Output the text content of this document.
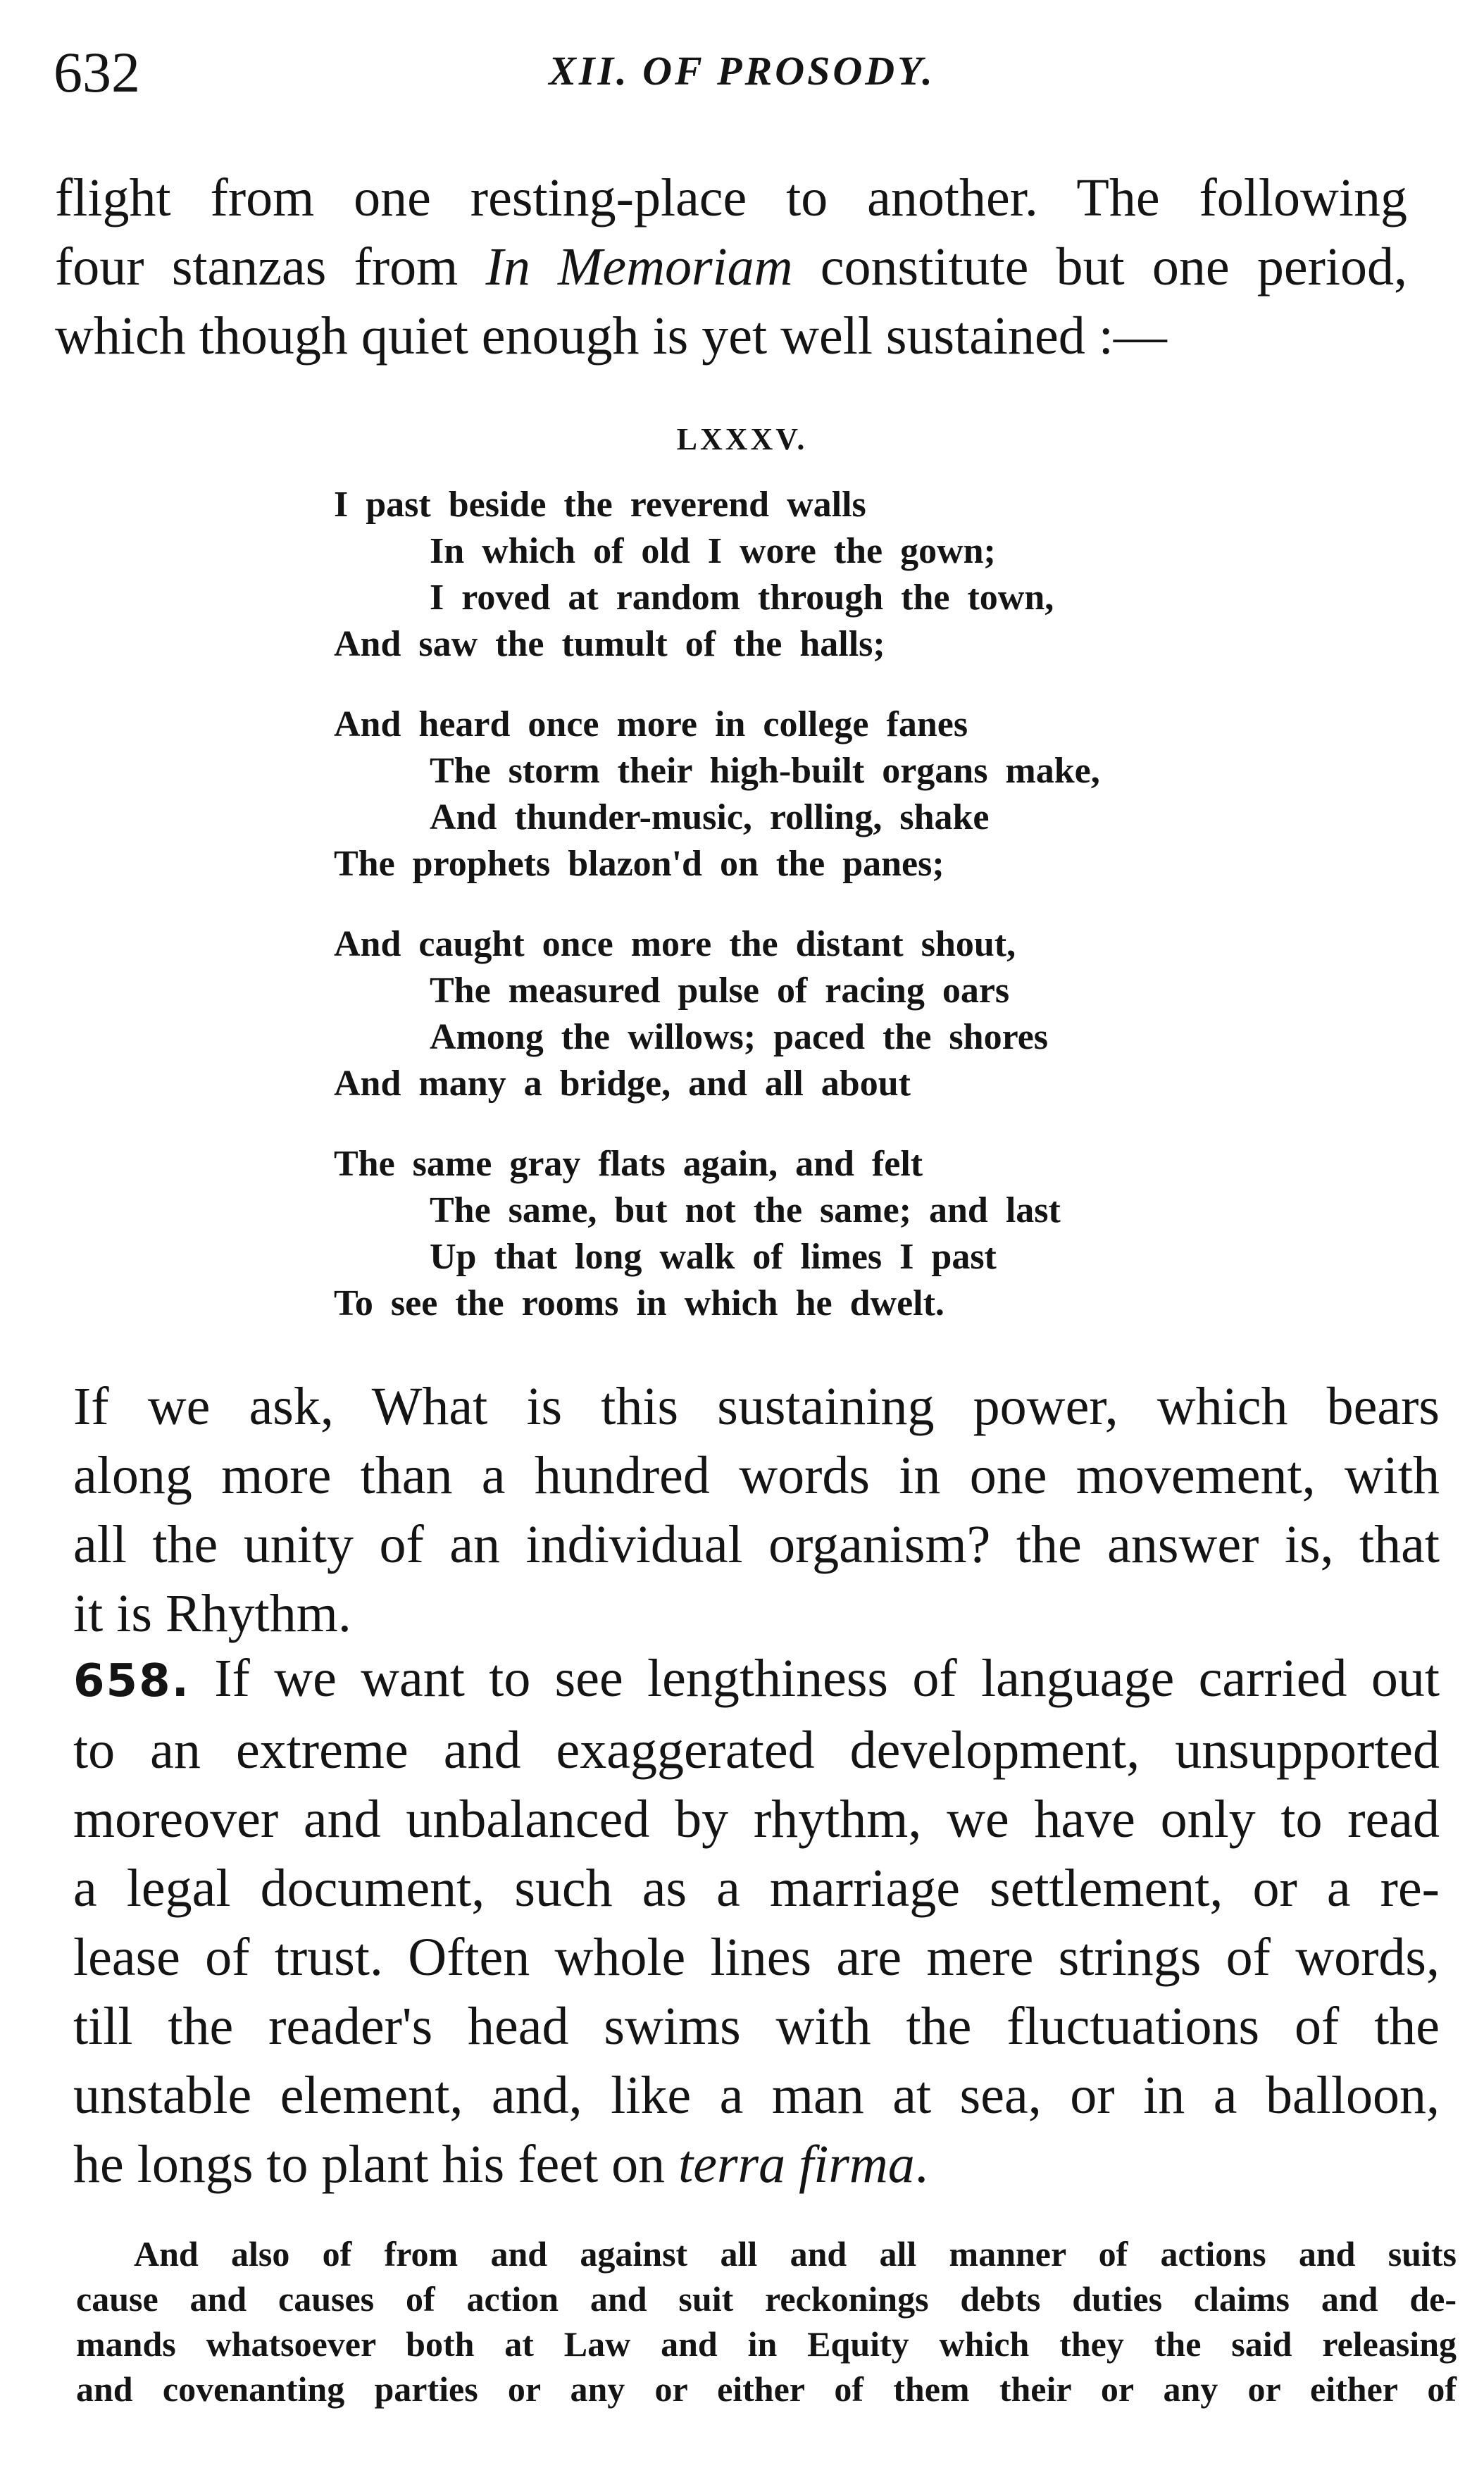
632	XII. OF PROSODY.

flight from one resting-place to another. The following
four stanzas from In Memoriam constitute but one period,
which though quiet enough is yet well sustained :—

LXXXV.
I past beside the reverend walls
In which of old I wore the gown;
I roved at random through the town,
And saw the tumult of the halls;
And heard once more in college fanes
The storm their high-built organs make,
And thunder-music, rolling, shake
The prophets blazon'd on the panes;
And caught once more the distant shout,
The measured pulse of racing oars
Among the willows; paced the shores
And many a bridge, and all about
The same gray flats again, and felt
The same, but not the same; and last
Up that long walk of limes I past
To see the rooms in which he dwelt.

If we ask, What is this sustaining power, which bears
along more than a hundred words in one movement, with
all the unity of an individual organism? the answer is, that
it is Rhythm.

658. If we want to see lengthiness of language carried out
to an extreme and exaggerated development, unsupported
moreover and unbalanced by rhythm, we have only to read
a legal document, such as a marriage settlement, or a re-
lease of trust. Often whole lines are mere strings of words,
till the reader's head swims with the fluctuations of the
unstable element, and, like a man at sea, or in a balloon,
he longs to plant his feet on terra firma.

And also of from and against all and all manner of actions and suits
cause and causes of action and suit reckonings debts duties claims and de-
mands whatsoever both at Law and in Equity which they the said releasing
and covenanting parties or any or either of them their or any or either of
